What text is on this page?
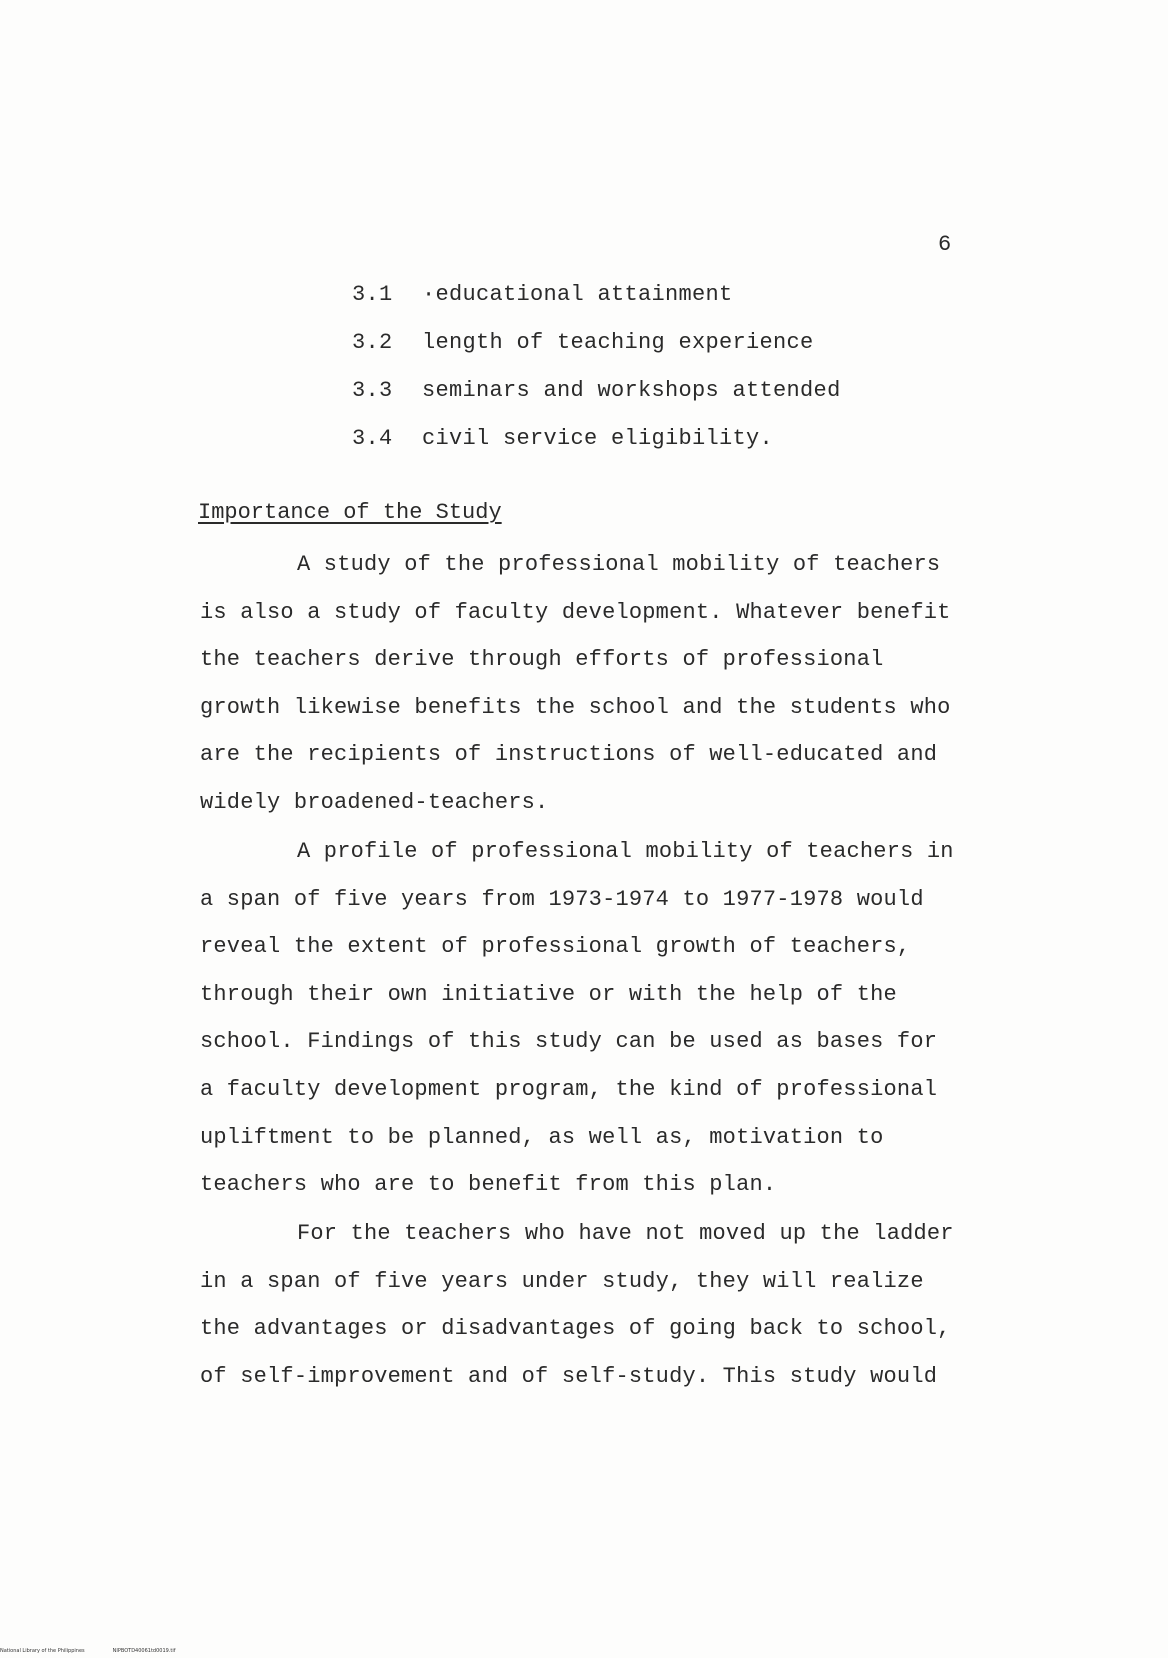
6
3.1 ·educational attainment
3.2 length of teaching experience
3.3 seminars and workshops attended
3.4 civil service eligibility.
Importance of the Study

A study of the professional mobility of teachers
is also a study of faculty development. Whatever benefit
the teachers derive through efforts of professional
growth likewise benefits the school and the students who
are the recipients of instructions of well-educated and
widely broadened-teachers.

A profile of professional mobility of teachers in
a span of five years from 1973-1974 to 1977-1978 would
reveal the extent of professional growth of teachers,
through their own initiative or with the help of the
school. Findings of this study can be used as bases for
a faculty development program, the kind of professional
upliftment to be planned, as well as, motivation to
teachers who are to benefit from this plan.

For the teachers who have not moved up the ladder
in a span of five years under study, they will realize
the advantages or disadvantages of going back to school,
of self-improvement and of self-study. This study would

National Library of the Philippines	NIPBOTD40061td0019.tif
